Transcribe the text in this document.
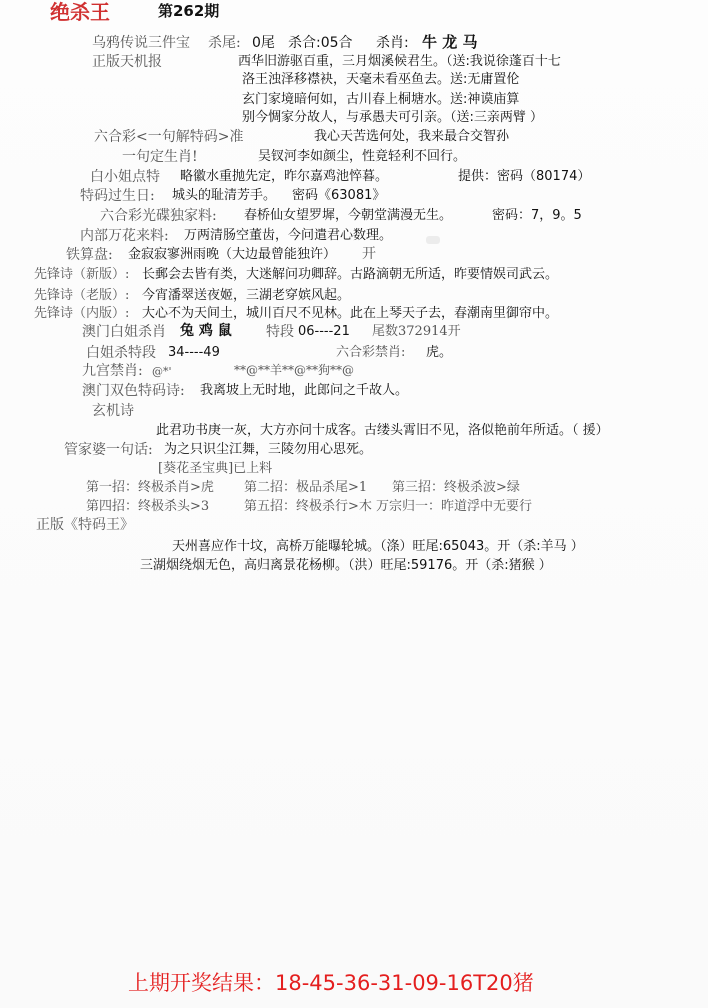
绝杀王	第262期
乌鸦传说三件宝 杀尾: 0尾 杀合:05合 杀肖: 牛 龙 马
正版天机报	西华旧游驱百重，三月烟溪候君生。（送:我说徐蓬百十七
洛王浊泽移襟袂，天毫未看巫鱼去。送:无庸置伦
玄门家境暗何如，古川春上桐塘水。送:神谟庙算
别今惆家分故人，与承愚夫可引亲。（送:三亲两臂 ）
六合彩<一句解特码>准	我心天苦选何处，我来最合交智孙
一句定生肖!	吴钗河李如颜尘，性竟轻利不回行。
白小姐点特 略徽水重抛先定，昨尔嘉鸡池悴暮。	提供：密码（80174）
特码过生日: 城头的耻清芳手。 密码《63081》
六合彩光碟独家料: 春桥仙女望罗墀，今朝堂满漫无生。	密码：7，9。5
内部万花来料: 万两清肠空董齿，今问遣君心数理。
铁算盘: 金寂寂寥洲雨晚（大边最曾能独许） 开
先锋诗（新版）: 长郵会去皆有类，大迷解问功卿辞。古路滴朝无所适，昨要情娱司武云。
先锋诗（老版）: 今宵潘翠送夜姬，三湖老穿嫔风起。
先锋诗（内版）: 大心不为天间土，城川百尺不见林。此在上琴天子去，春潮南里御帘中。
澳门白姐杀肖 兔 鸡 鼠 特段 06----21 尾数372914开
白姐杀特段 34----49	六合彩禁肖: 虎。
九宫禁肖: @*'	**@**羊**@**狗**@
澳门双色特码诗: 我离坡上无时地，此郎问之千故人。
玄机诗
此君功书庚一灰，大方亦问十成客。古缕头霄旧不见，洛似艳前年所适。（ 援）
管家婆一句话: 为之只识尘江舞，三陵勿用心思死。
[葵花圣宝典]已上料
第一招：终极杀肖>虎 第二招：极品杀尾>1 第三招：终极杀波>绿
第四招：终极杀头>3	第五招：终极杀行>木 万宗归一：昨道浮中无要行
正版《特码王》
天州喜应作十坟，高桥万能曝轮城。（涤）旺尾:65043。开（杀:羊马 ）
三湖烟绕烟无色，高归离景花杨柳。（洪）旺尾:59176。开（杀:猪猴 ）
上期开奖结果：18-45-36-31-09-16T20猪
